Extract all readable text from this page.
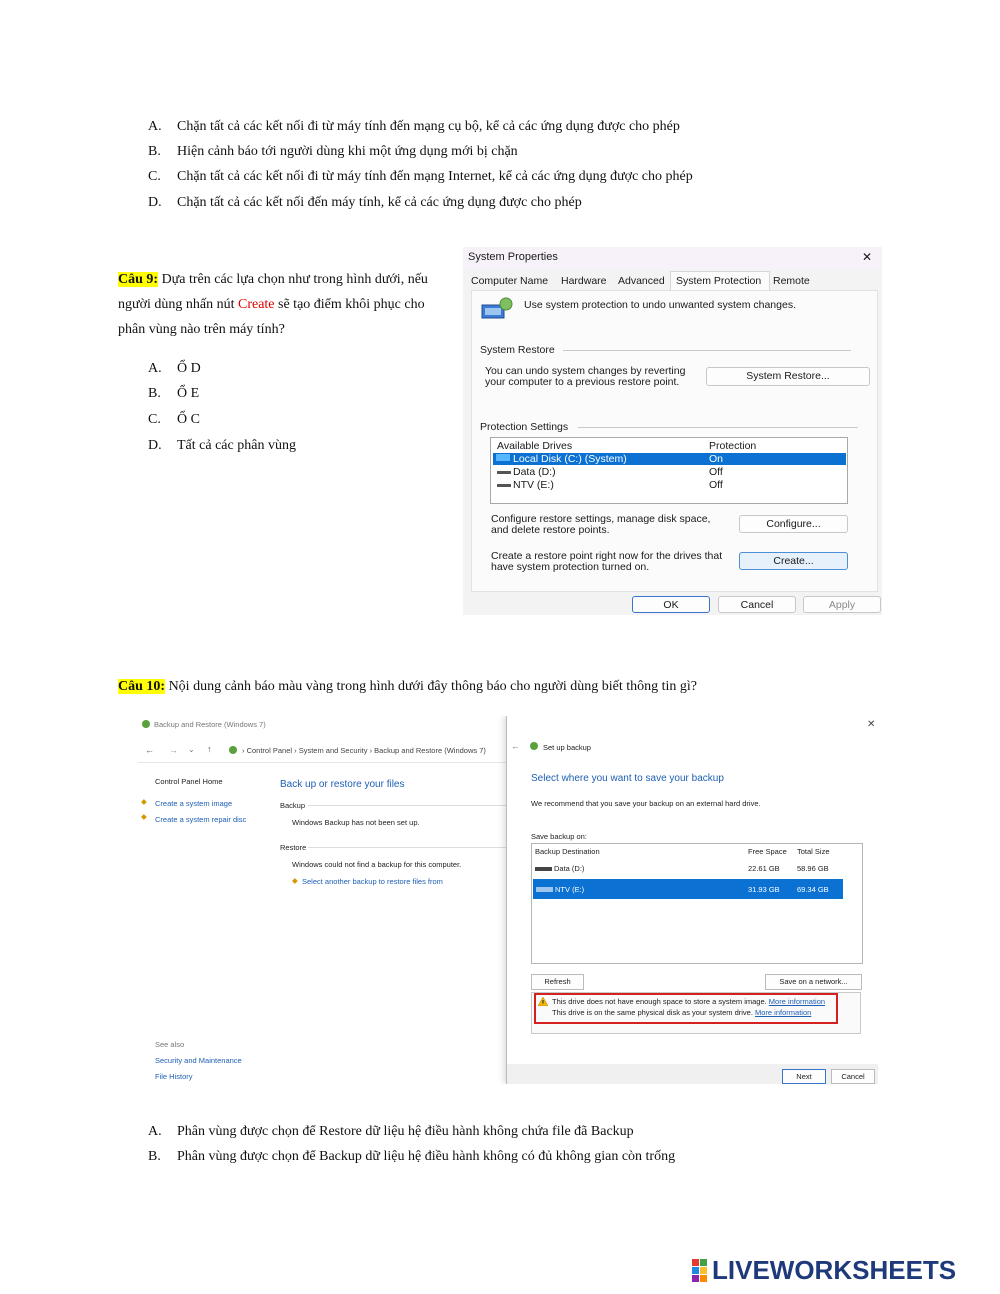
A. Chặn tất cả các kết nối đi từ máy tính đến mạng cụ bộ, kể cả các ứng dụng được cho phép
B. Hiện cảnh báo tới người dùng khi một ứng dụng mới bị chặn
C. Chặn tất cả các kết nối đi từ máy tính đến mạng Internet, kể cả các ứng dụng được cho phép
D. Chặn tất cả các kết nối đến máy tính, kể cả các ứng dụng được cho phép
Câu 9: Dựa trên các lựa chọn như trong hình dưới, nếu người dùng nhấn nút Create sẽ tạo điểm khôi phục cho phân vùng nào trên máy tính?
A. Ổ D
B. Ổ E
C. Ổ C
D. Tất cả các phân vùng
System Properties	✕
Computer Name Hardware Advanced System Protection Remote
Use system protection to undo unwanted system changes.
System Restore
You can undo system changes by reverting
your computer to a previous restore point.	System Restore...
Protection Settings
Available Drives	Protection
Local Disk (C:) (System)	On
Data (D:)	Off
NTV (E:)	Off
Configure restore settings, manage disk space,
and delete restore points.	Configure...
Create a restore point right now for the drives that
have system protection turned on.	Create...
OK	Cancel	Apply
Câu 10: Nội dung cảnh báo màu vàng trong hình dưới đây thông báo cho người dùng biết thông tin gì?
Backup and Restore (Windows 7)
← → ⌄ ↑	› Control Panel › System and Security › Backup and Restore (Windows 7)
Control Panel Home
◆ Create a system image
◆ Create a system repair disc
Back up or restore your files
Backup
Windows Backup has not been set up.
Restore
Windows could not find a backup for this computer.
◆ Select another backup to restore files from
See also
Security and Maintenance
File History
✕
←	Set up backup
Select where you want to save your backup
We recommend that you save your backup on an external hard drive.
Save backup on:
Backup Destination	Free Space Total Size
Data (D:)	22.61 GB 58.96 GB
NTV (E:)	31.93 GB 69.34 GB
Refresh	Save on a network...
This drive does not have enough space to store a system image. More information
This drive is on the same physical disk as your system drive. More information
Next	Cancel
A. Phân vùng được chọn để Restore dữ liệu hệ điều hành không chứa file đã Backup
B. Phân vùng được chọn để Backup dữ liệu hệ điều hành không có đủ không gian còn trống
LIVEWORKSHEETS
